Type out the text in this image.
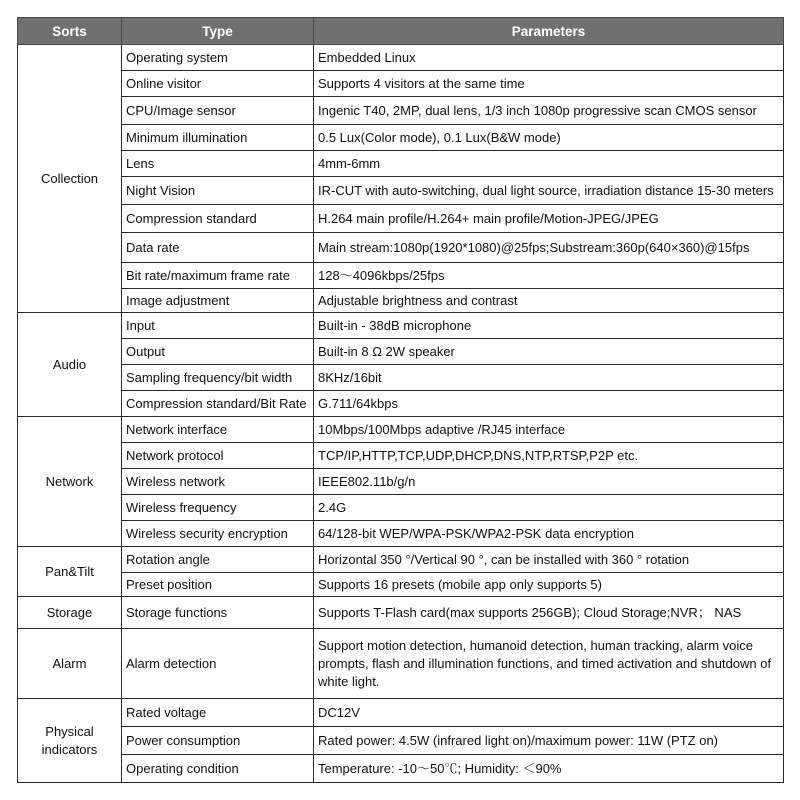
Sorts	Type	Parameters
Collection	Operating system	Embedded Linux
	Online visitor	Supports 4 visitors at the same time
	CPU/Image sensor	Ingenic T40, 2MP, dual lens, 1/3 inch 1080p progressive scan CMOS sensor
	Minimum illumination	0.5 Lux(Color mode), 0.1 Lux(B&W mode)
	Lens	4mm-6mm
	Night Vision	IR-CUT with auto-switching, dual light source, irradiation distance 15-30 meters
	Compression standard	H.264 main profile/H.264+ main profile/Motion-JPEG/JPEG
	Data rate	Main stream:1080p(1920*1080)@25fps;Substream:360p(640×360)@15fps
	Bit rate/maximum frame rate	128～4096kbps/25fps
	Image adjustment	Adjustable brightness and contrast
Audio	Input	Built-in - 38dB microphone
	Output	Built-in 8 Ω 2W speaker
	Sampling frequency/bit width	8KHz/16bit
	Compression standard/Bit Rate	G.711/64kbps
Network	Network interface	10Mbps/100Mbps adaptive /RJ45 interface
	Network protocol	TCP/IP,HTTP,TCP,UDP,DHCP,DNS,NTP,RTSP,P2P etc.
	Wireless network	IEEE802.11b/g/n
	Wireless frequency	2.4G
	Wireless security encryption	64/128-bit WEP/WPA-PSK/WPA2-PSK data encryption
Pan&Tilt	Rotation angle	Horizontal 350 °/Vertical 90 °, can be installed with 360 ° rotation
	Preset position	Supports 16 presets (mobile app only supports 5)
Storage	Storage functions	Supports T-Flash card(max supports 256GB); Cloud Storage;NVR； NAS
Alarm	Alarm detection	Support motion detection, humanoid detection, human tracking, alarm voice prompts, flash and illumination functions, and timed activation and shutdown of white light.
Physical indicators	Rated voltage	DC12V
	Power consumption	Rated power: 4.5W (infrared light on)/maximum power: 11W (PTZ on)
	Operating condition	Temperature: -10～50℃; Humidity: ＜90%
